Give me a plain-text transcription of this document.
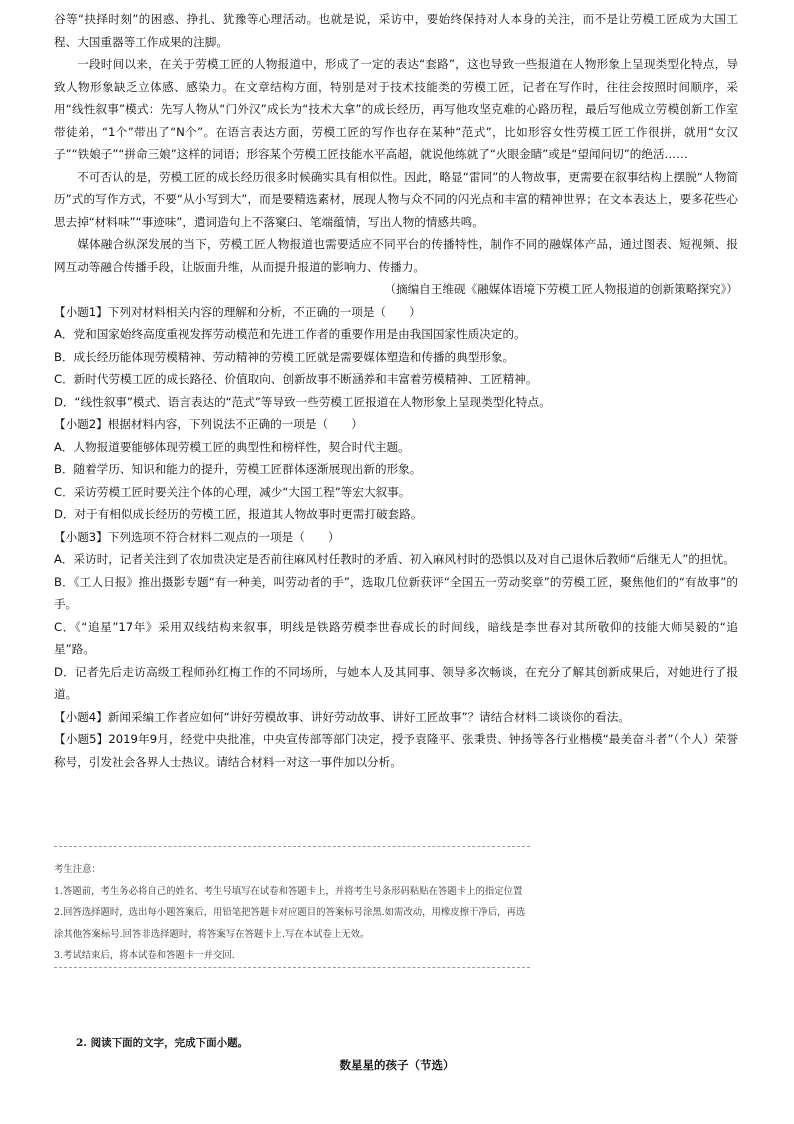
谷等“抉择时刻”的困惑、挣扎、犹豫等心理活动。也就是说，采访中，要始终保持对人本身的关注，而不是让劳模工匠成为大国工程、大国重器等工作成果的注脚。

一段时间以来，在关于劳模工匠的人物报道中，形成了一定的表达“套路”，这也导致一些报道在人物形象上呈现类型化特点，导致人物形象缺乏立体感、感染力。在文章结构方面，特别是对于技术技能类的劳模工匠，记者在写作时，往往会按照时间顺序，采用“线性叙事”模式：先写人物从“门外汉”成长为“技术大拿”的成长经历，再写他攻坚克难的心路历程，最后写他成立劳模创新工作室带徒弟，“1个”带出了“N个”。在语言表达方面，劳模工匠的写作也存在某种“范式”，比如形容女性劳模工匠工作很拼，就用“女汉子”“铁娘子”“拼命三娘”这样的词语；形容某个劳模工匠技能水平高超，就说他练就了“火眼金睛”或是“望闻问切”的绝活……

不可否认的是，劳模工匠的成长经历很多时候确实具有相似性。因此，略显“雷同”的人物故事，更需要在叙事结构上摆脱“人物简历”式的写作方式，不要“从小写到大”，而是要精选素材，展现人物与众不同的闪光点和丰富的精神世界；在文本表达上，要多花些心思去掉“材料味”“事迹味”，遣词造句上不落窠臼、笔端蕴情，写出人物的情感共鸣。

媒体融合纵深发展的当下，劳模工匠人物报道也需要适应不同平台的传播特性，制作不同的融媒体产品，通过图表、短视频、报网互动等融合传播手段，让版面升维，从而提升报道的影响力、传播力。

（摘编自王维砚《融媒体语境下劳模工匠人物报道的创新策略探究》）

【小题1】下列对材料相关内容的理解和分析，不正确的一项是（　　）

A．党和国家始终高度重视发挥劳动模范和先进工作者的重要作用是由我国国家性质决定的。

B．成长经历能体现劳模精神、劳动精神的劳模工匠就是需要媒体塑造和传播的典型形象。

C．新时代劳模工匠的成长路径、价值取向、创新故事不断涵养和丰富着劳模精神、工匠精神。

D．“线性叙事”模式、语言表达的“范式”等导致一些劳模工匠报道在人物形象上呈现类型化特点。

【小题2】根据材料内容，下列说法不正确的一项是（　　）

A．人物报道要能够体现劳模工匠的典型性和榜样性，契合时代主题。

B．随着学历、知识和能力的提升，劳模工匠群体逐渐展现出新的形象。

C．采访劳模工匠时要关注个体的心理，减少“大国工程”等宏大叙事。

D．对于有相似成长经历的劳模工匠，报道其人物故事时更需打破套路。

【小题3】下列选项不符合材料二观点的一项是（　　）

A．采访时，记者关注到了农加贵决定是否前往麻风村任教时的矛盾、初入麻风村时的恐惧以及对自己退休后教师“后继无人”的担忧。

B．《工人日报》推出摄影专题“有一种美，叫劳动者的手”，选取几位新获评“全国五一劳动奖章”的劳模工匠，聚焦他们的“有故事”的手。

C．《“追星”17年》采用双线结构来叙事，明线是铁路劳模李世春成长的时间线，暗线是李世春对其所敬仰的技能大师吴毅的“追星”路。

D．记者先后走访高级工程师孙红梅工作的不同场所，与她本人及其同事、领导多次畅谈，在充分了解其创新成果后，对她进行了报道。

【小题4】新闻采编工作者应如何“讲好劳模故事、讲好劳动故事、讲好工匠故事”？请结合材料二谈谈你的看法。

【小题5】2019年9月，经党中央批准，中央宣传部等部门决定，授予袁隆平、张秉贵、钟扬等各行业楷模“最美奋斗者”（个人）荣誉称号，引发社会各界人士热议。请结合材料一对这一事件加以分析。

考生注意：

1.答题前，考生务必将自己的姓名、考生号填写在试卷和答题卡上，并将考生号条形码粘贴在答题卡上的指定位置

2.回答选择题时，选出每小题答案后，用铅笔把答题卡对应题目的答案标号涂黑.如需改动，用橡皮擦干净后，再选涂其他答案标号.回答非选择题时，将答案写在答题卡上.写在本试卷上无效。

3.考试结束后，将本试卷和答题卡一并交回.

2. 阅读下面的文字，完成下面小题。
数星星的孩子（节选）
